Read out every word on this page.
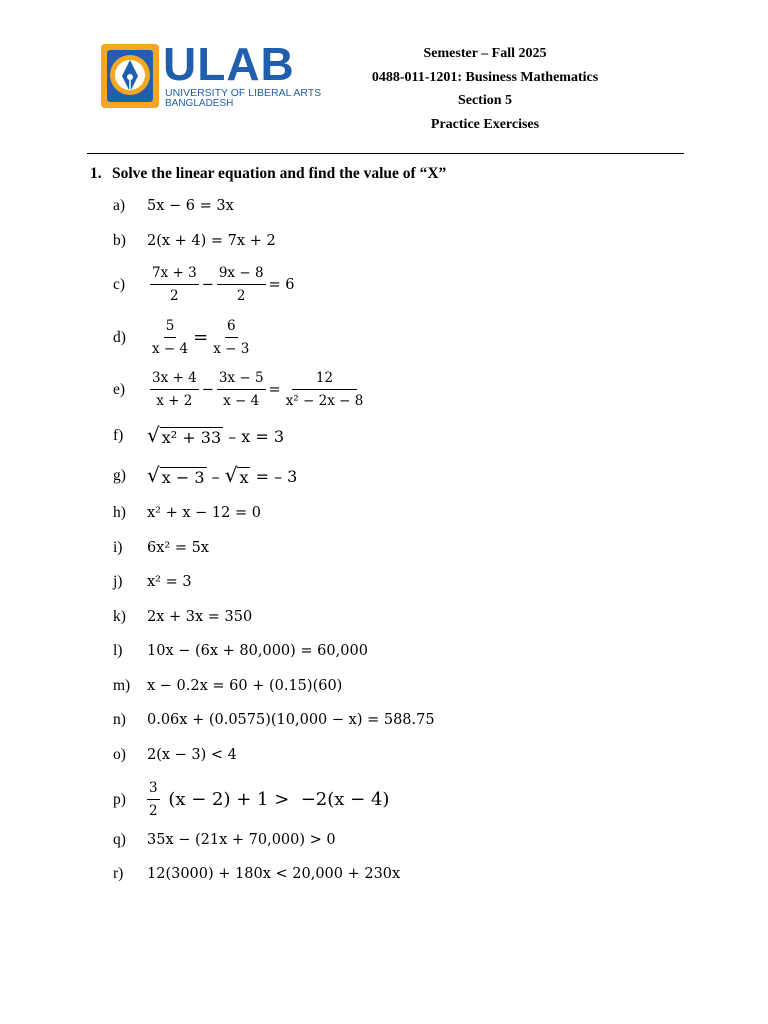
ULAB
UNIVERSITY OF LIBERAL ARTS
BANGLADESH
Semester – Fall 2025
0488-011-1201: Business Mathematics
Section 5
Practice Exercises
1. Solve the linear equation and find the value of “X”
a)	5x − 6 = 3x
b)	2(x + 4) = 7x + 2
c)	$\frac{7x + 3}{2} - \frac{9x - 8}{2} = 6$
d)	$\frac{5}{x - 4} = \frac{6}{x - 3}$
e)	$\frac{3x + 4}{x + 2} - \frac{3x - 5}{x - 4} = \frac{12}{\text{x² − 2x − 8}}$
f)	√ x² + 33 – x = 3
g)	√ x − 3 – √ x = – 3
h)	x² + x − 12 = 0
i)	6x² = 5x
j)	x² = 3
k)	2x + 3x = 350
l)	10x − (6x + 80,000) = 60,000
m)	x − 0.2x = 60 + (0.15)(60)
n)	0.06x + (0.0575)(10,000 − x) = 588.75
o)	2(x − 3) < 4
p)	$\frac{3}{2} (x - 2) + 1 > -2(x - 4)$
q)	35x − (21x + 70,000) > 0
r)	12(3000) + 180x < 20,000 + 230x
